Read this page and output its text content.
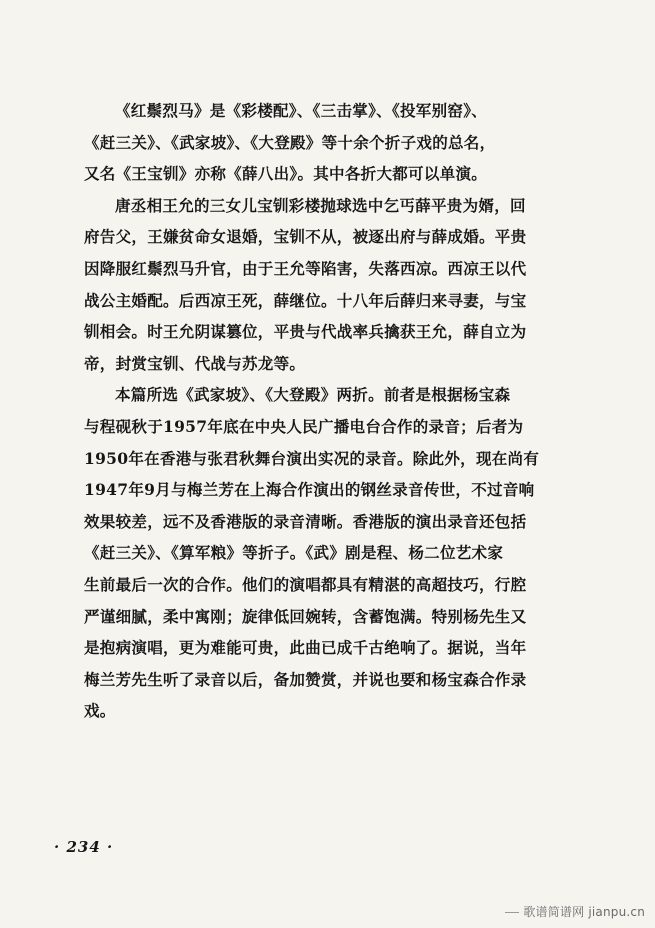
《红鬃烈马》是《彩楼配》、《三击掌》、《投军别窑》、
《赶三关》、《武家坡》、《大登殿》等十余个折子戏的总名，
又名《王宝钏》亦称《薛八出》。其中各折大都可以单演。

唐丞相王允的三女儿宝钏彩楼抛球选中乞丐薛平贵为婿，回
府告父，王嫌贫命女退婚，宝钏不从，被逐出府与薛成婚。平贵
因降服红鬃烈马升官，由于王允等陷害，失落西凉。西凉王以代
战公主婚配。后西凉王死，薛继位。十八年后薛归来寻妻，与宝
钏相会。时王允阴谋篡位，平贵与代战率兵擒获王允，薛自立为
帝，封赏宝钏、代战与苏龙等。

本篇所选《武家坡》、《大登殿》两折。前者是根据杨宝森
与程砚秋于1957年底在中央人民广播电台合作的录音；后者为
1950年在香港与张君秋舞台演出实况的录音。除此外，现在尚有
1947年9月与梅兰芳在上海合作演出的钢丝录音传世，不过音响
效果较差，远不及香港版的录音清晰。香港版的演出录音还包括
《赶三关》、《算军粮》等折子。《武》剧是程、杨二位艺术家
生前最后一次的合作。他们的演唱都具有精湛的高超技巧，行腔
严谨细腻，柔中寓刚；旋律低回婉转，含蓄饱满。特别杨先生又
是抱病演唱，更为难能可贵，此曲已成千古绝响了。据说，当年
梅兰芳先生听了录音以后，备加赞赏，并说也要和杨宝森合作录
戏。

· 234 ·
歌谱简谱网 jianpu.cn
